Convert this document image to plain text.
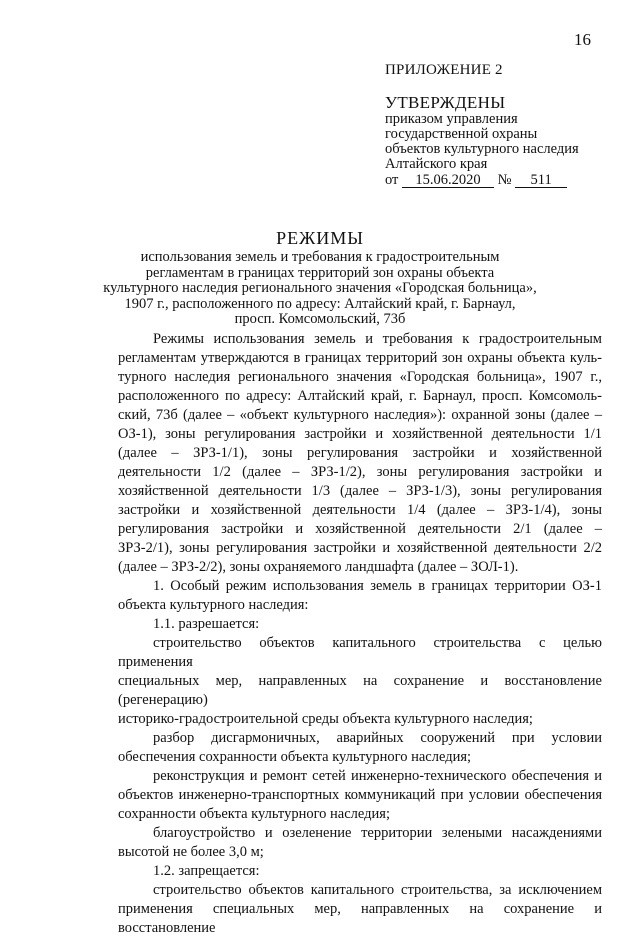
16
ПРИЛОЖЕНИЕ 2
УТВЕРЖДЕНЫ
приказом управления
государственной охраны
объектов культурного наследия
Алтайского края
от 15.06.2020 № 511
РЕЖИМЫ
использования земель и требования к градостроительным
регламентам в границах территорий зон охраны объекта
культурного наследия регионального значения «Городская больница»,
1907 г., расположенного по адресу: Алтайский край, г. Барнаул,
просп. Комсомольский, 73б

Режимы использования земель и требования к градостроительным

регламентам утверждаются в границах территорий зон охраны объекта куль-

турного наследия регионального значения «Городская больница», 1907 г.,

расположенного по адресу: Алтайский край, г. Барнаул, просп. Комсомоль-

ский, 73б (далее – «объект культурного наследия»): охранной зоны (далее –

ОЗ-1), зоны регулирования застройки и хозяйственной деятельности 1/1

(далее – ЗРЗ-1/1), зоны регулирования застройки и хозяйственной

деятельности 1/2 (далее – ЗРЗ-1/2), зоны регулирования застройки и

хозяйственной деятельности 1/3 (далее – ЗРЗ-1/3), зоны регулирования

застройки и хозяйственной деятельности 1/4 (далее – ЗРЗ-1/4), зоны

регулирования застройки и хозяйственной деятельности 2/1 (далее –

ЗРЗ-2/1), зоны регулирования застройки и хозяйственной деятельности 2/2

(далее – ЗРЗ-2/2), зоны охраняемого ландшафта (далее – ЗОЛ-1).

1. Особый режим использования земель в границах территории ОЗ-1

объекта культурного наследия:

1.1. разрешается:

строительство объектов капитального строительства с целью применения

специальных мер, направленных на сохранение и восстановление (регенерацию)

историко-градостроительной среды объекта культурного наследия;

разбор дисгармоничных, аварийных сооружений при условии

обеспечения сохранности объекта культурного наследия;

реконструкция и ремонт сетей инженерно-технического обеспечения и

объектов инженерно-транспортных коммуникаций при условии обеспечения

сохранности объекта культурного наследия;

благоустройство и озеленение территории зелеными насаждениями

высотой не более 3,0 м;

1.2. запрещается:

строительство объектов капитального строительства, за исключением

применения специальных мер, направленных на сохранение и восстановление
